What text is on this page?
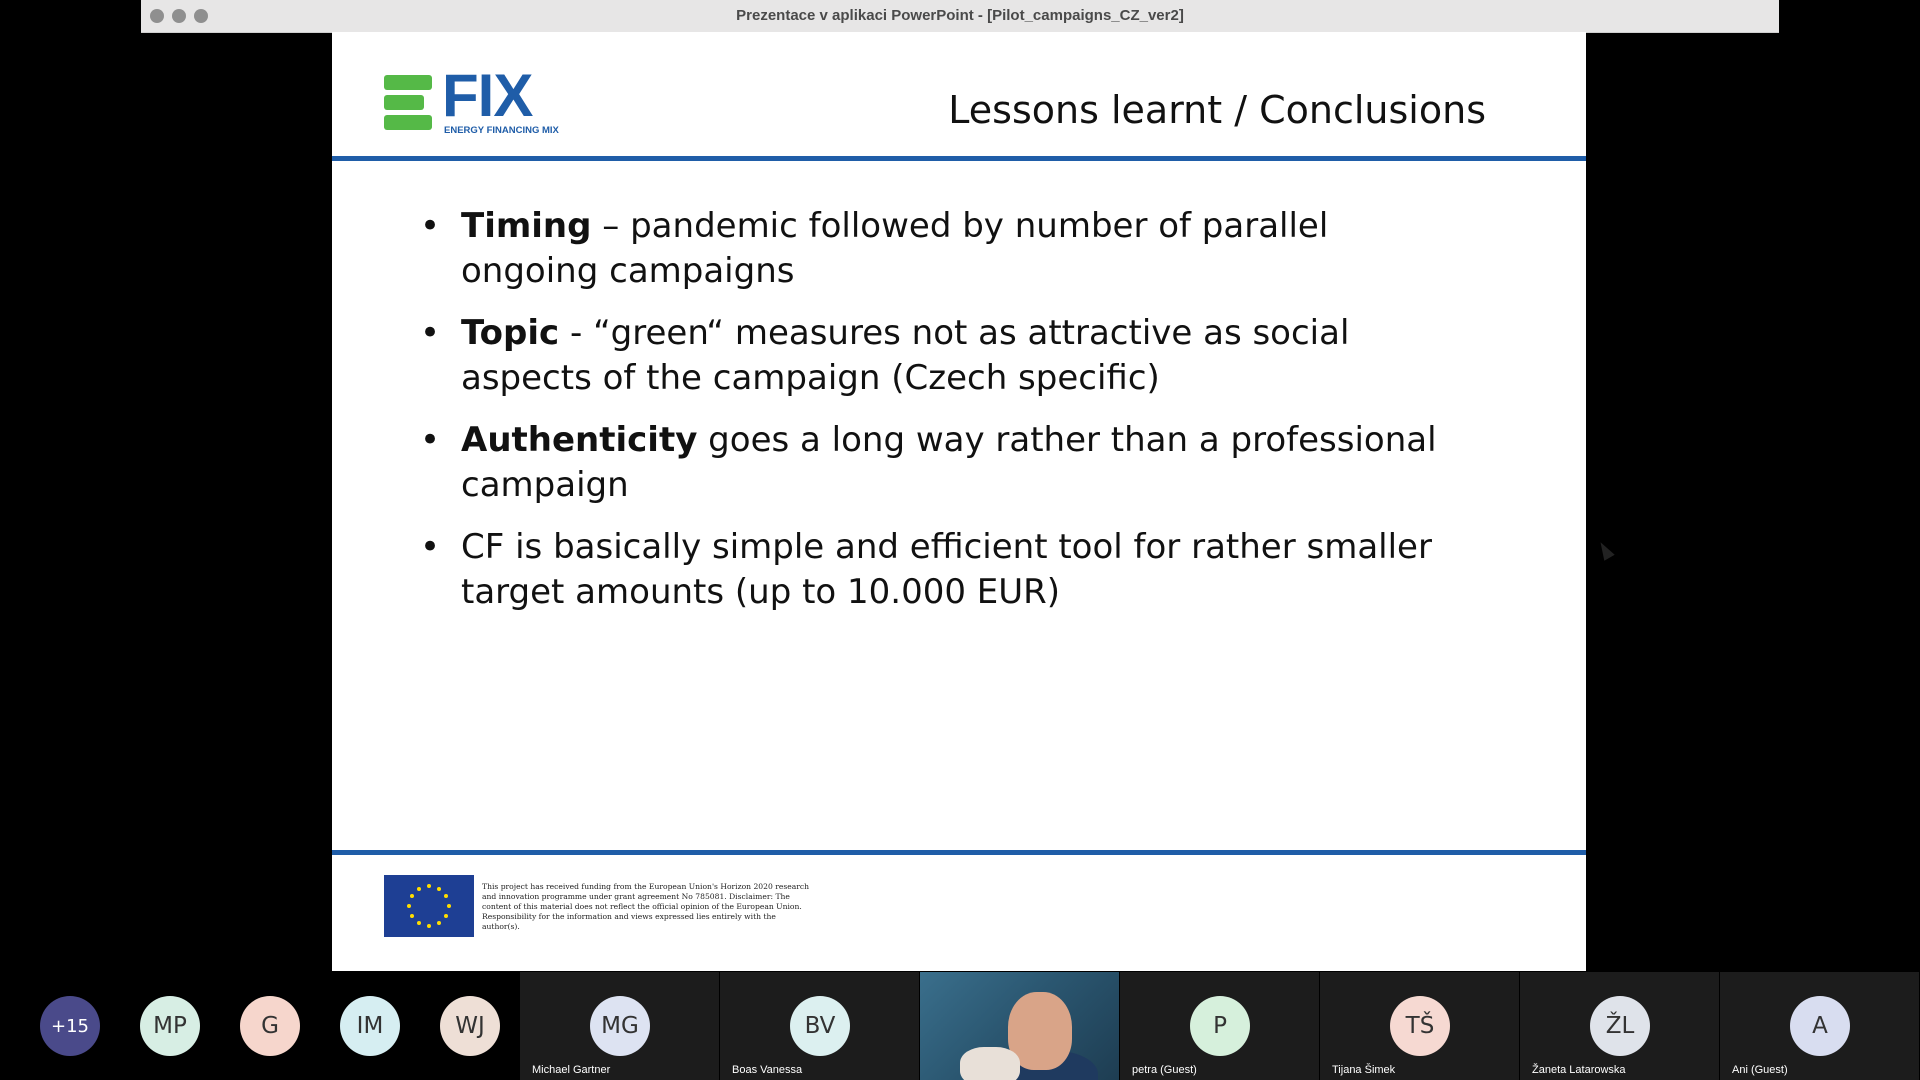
Prezentace v aplikaci PowerPoint - [Pilot_campaigns_CZ_ver2]
FIX
ENERGY FINANCING MIX	Lessons learnt / Conclusions
• Timing – pandemic followed by number of parallel ongoing campaigns
• Topic - “green“ measures not as attractive as social aspects of the campaign (Czech specific)
• Authenticity goes a long way rather than a professional campaign
• CF is basically simple and efficient tool for rather smaller target amounts (up to 10.000 EUR)
This project has received funding from the European Union's Horizon 2020 research and innovation programme under grant agreement No 785081. Disclaimer: The content of this material does not reflect the official opinion of the European Union. Responsibility for the information and views expressed lies entirely with the author(s).
+15	MP	G	IM	WJ	MG
Michael Gartner
BV
Boas Vanessa
P
petra (Guest)
TŠ
Tijana Šimek
ŽL
Žaneta Latarowska
A
Ani (Guest)
